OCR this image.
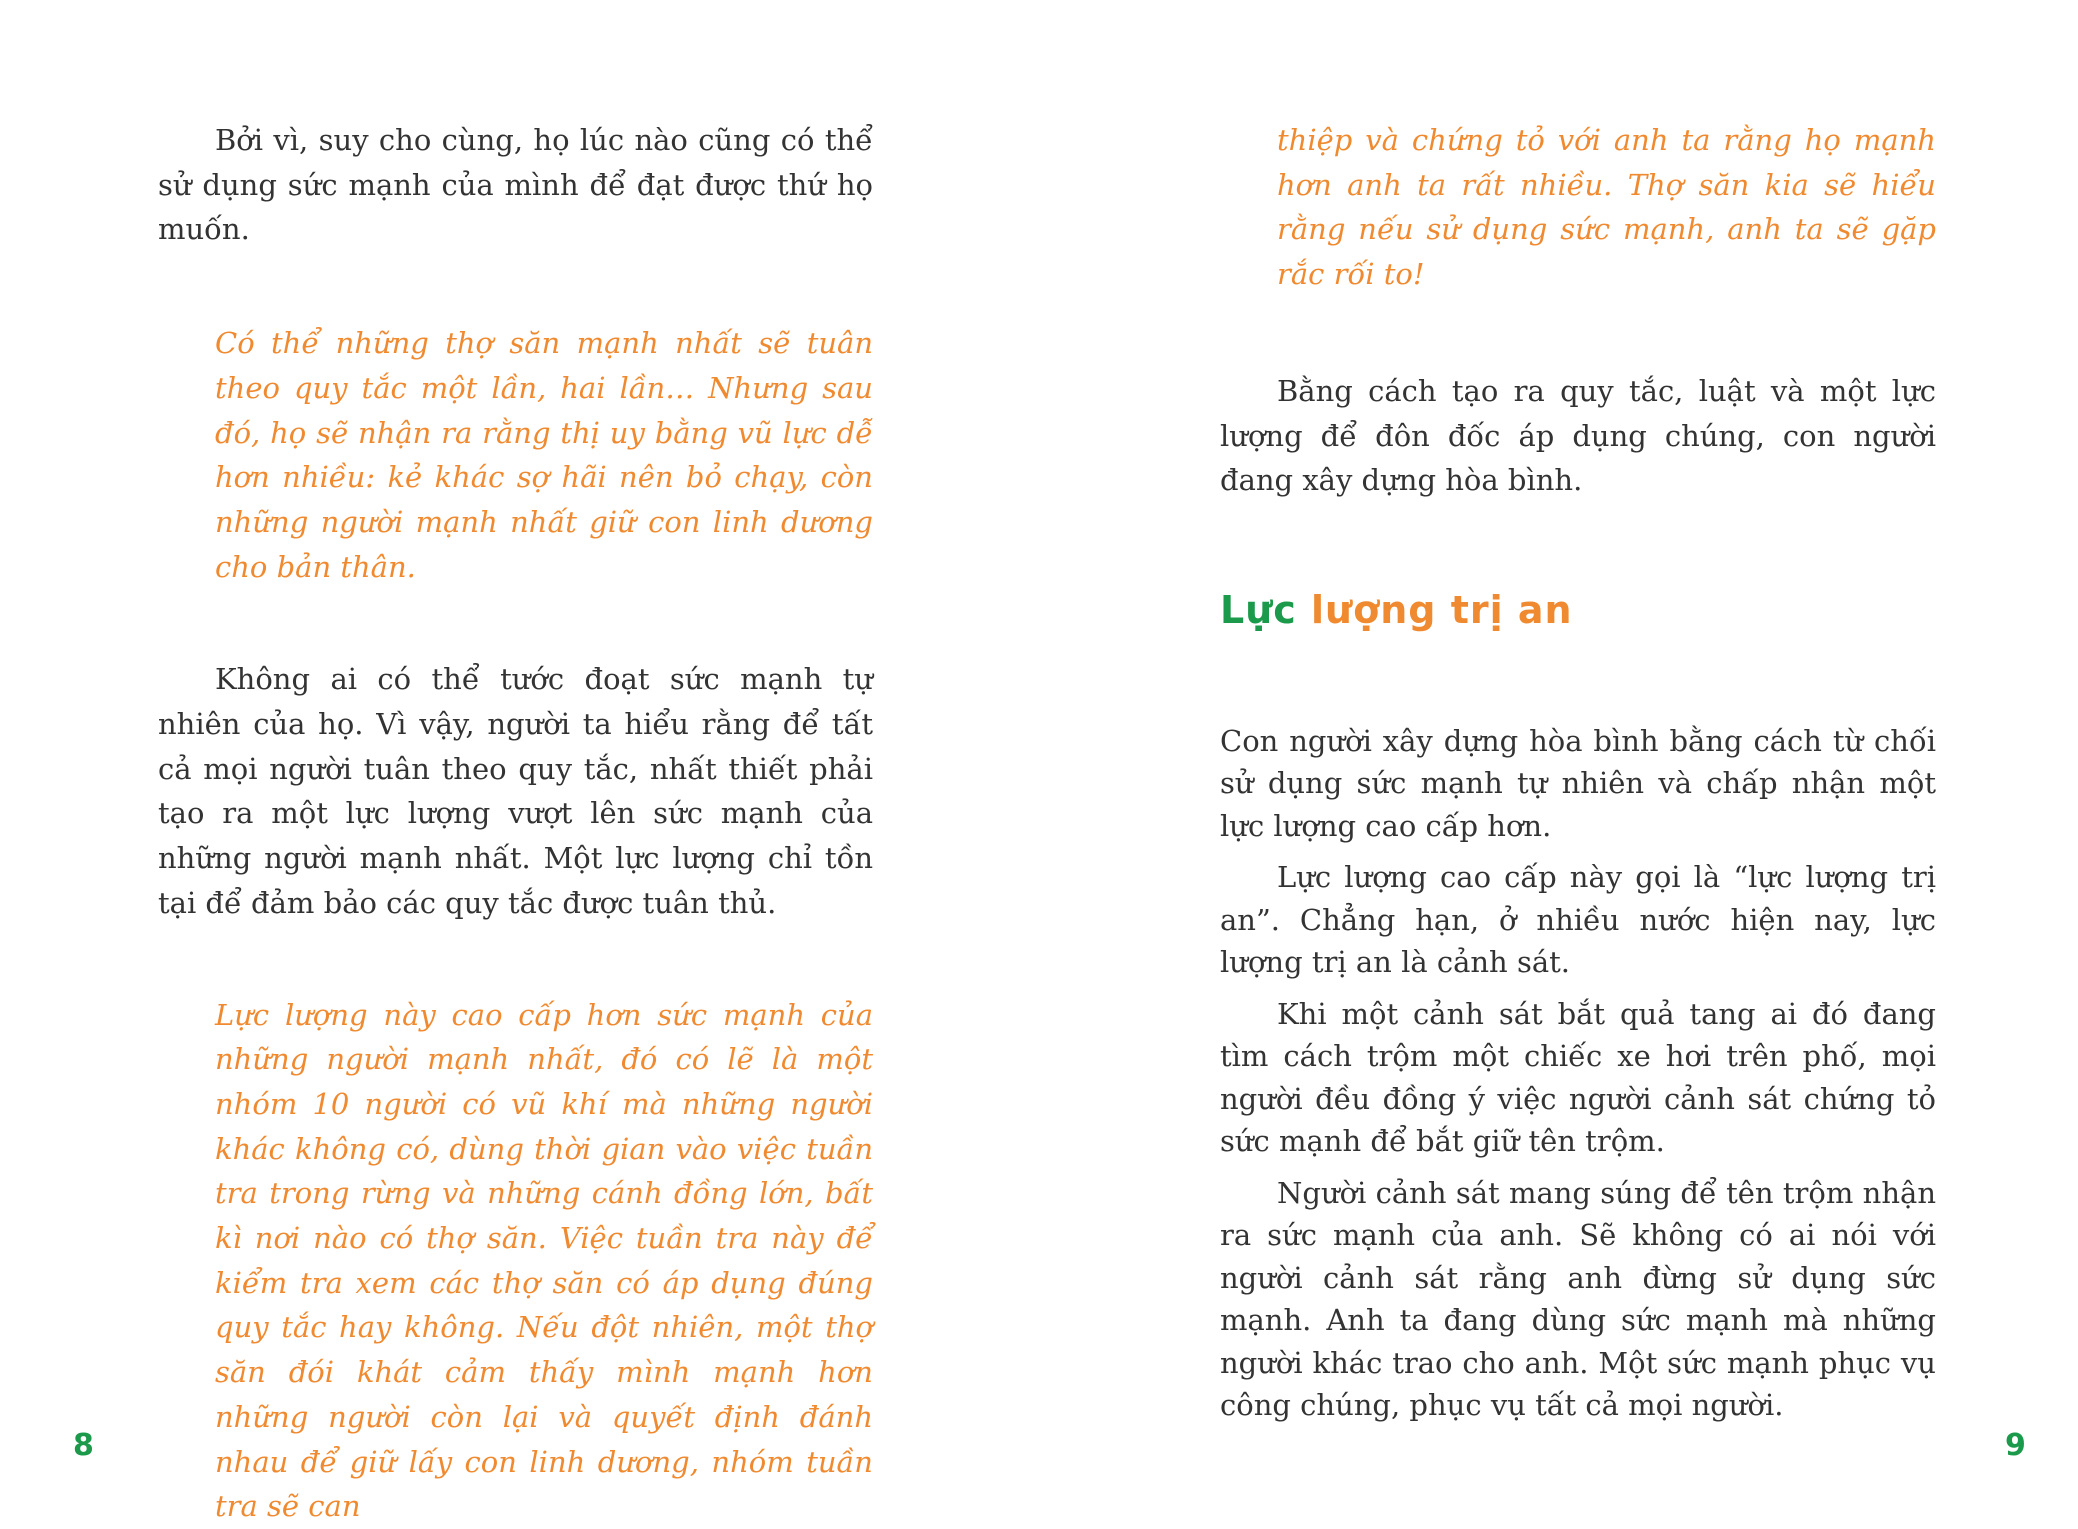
Bởi vì, suy cho cùng, họ lúc nào cũng có thể sử dụng sức mạnh của mình để đạt được thứ họ muốn.

Có thể những thợ săn mạnh nhất sẽ tuân theo quy tắc một lần, hai lần… Nhưng sau đó, họ sẽ nhận ra rằng thị uy bằng vũ lực dễ hơn nhiều: kẻ khác sợ hãi nên bỏ chạy, còn những người mạnh nhất giữ con linh dương cho bản thân.

Không ai có thể tước đoạt sức mạnh tự nhiên của họ. Vì vậy, người ta hiểu rằng để tất cả mọi người tuân theo quy tắc, nhất thiết phải tạo ra một lực lượng vượt lên sức mạnh của những người mạnh nhất. Một lực lượng chỉ tồn tại để đảm bảo các quy tắc được tuân thủ.

Lực lượng này cao cấp hơn sức mạnh của những người mạnh nhất, đó có lẽ là một nhóm 10 người có vũ khí mà những người khác không có, dùng thời gian vào việc tuần tra trong rừng và những cánh đồng lớn, bất kì nơi nào có thợ săn. Việc tuần tra này để kiểm tra xem các thợ săn có áp dụng đúng quy tắc hay không. Nếu đột nhiên, một thợ săn đói khát cảm thấy mình mạnh hơn những người còn lại và quyết định đánh nhau để giữ lấy con linh dương, nhóm tuần tra sẽ can

8

thiệp và chứng tỏ với anh ta rằng họ mạnh hơn anh ta rất nhiều. Thợ săn kia sẽ hiểu rằng nếu sử dụng sức mạnh, anh ta sẽ gặp rắc rối to!

Bằng cách tạo ra quy tắc, luật và một lực lượng để đôn đốc áp dụng chúng, con người đang xây dựng hòa bình.

Lực lượng trị an

Con người xây dựng hòa bình bằng cách từ chối sử dụng sức mạnh tự nhiên và chấp nhận một lực lượng cao cấp hơn.

Lực lượng cao cấp này gọi là “lực lượng trị an”. Chẳng hạn, ở nhiều nước hiện nay, lực lượng trị an là cảnh sát.

Khi một cảnh sát bắt quả tang ai đó đang tìm cách trộm một chiếc xe hơi trên phố, mọi người đều đồng ý việc người cảnh sát chứng tỏ sức mạnh để bắt giữ tên trộm.

Người cảnh sát mang súng để tên trộm nhận ra sức mạnh của anh. Sẽ không có ai nói với người cảnh sát rằng anh đừng sử dụng sức mạnh. Anh ta đang dùng sức mạnh mà những người khác trao cho anh. Một sức mạnh phục vụ công chúng, phục vụ tất cả mọi người.

9
